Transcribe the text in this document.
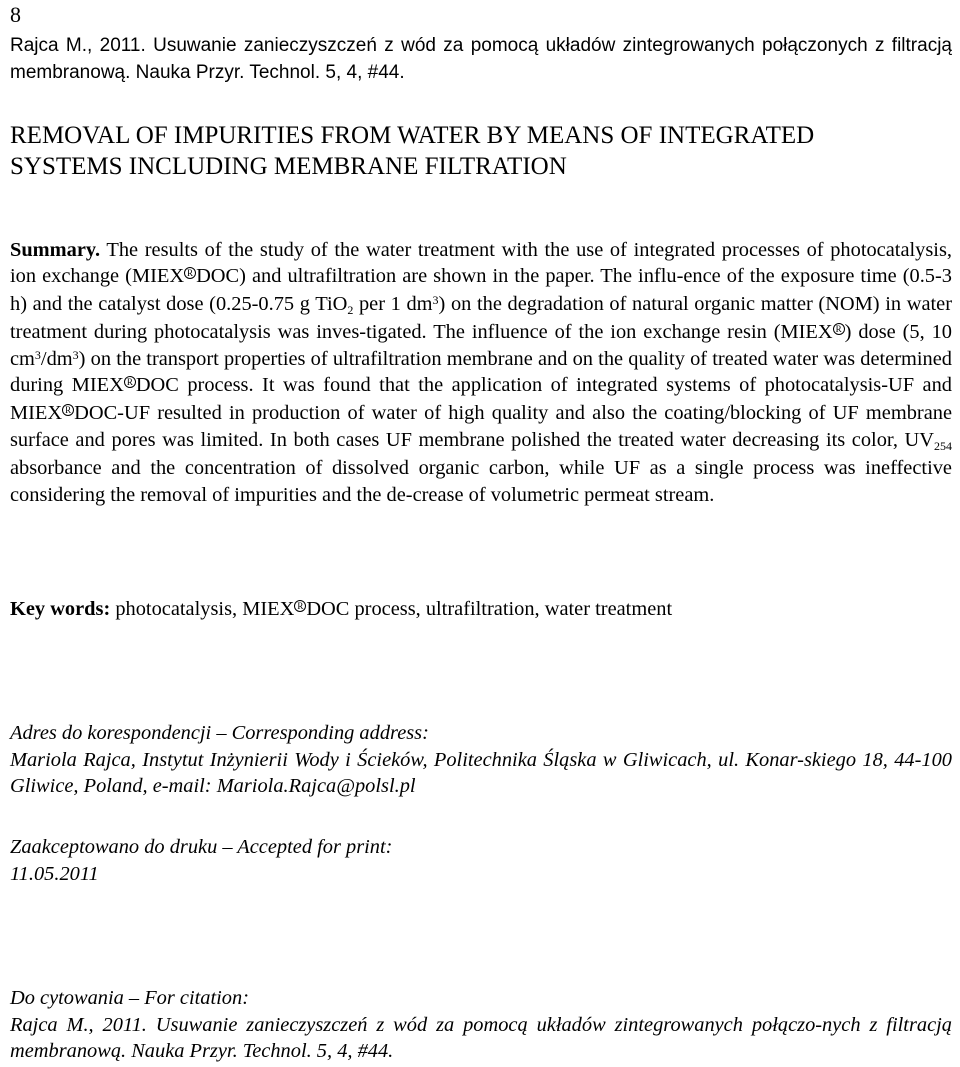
8
Rajca M., 2011. Usuwanie zanieczyszczeń z wód za pomocą układów zintegrowanych połączonych z filtracją
membranową. Nauka Przyr. Technol. 5, 4, #44.
REMOVAL OF IMPURITIES FROM WATER BY MEANS OF INTEGRATED
SYSTEMS INCLUDING MEMBRANE FILTRATION
Summary. The results of the study of the water treatment with the use of integrated processes of photocatalysis, ion exchange (MIEX $^R$ DOC) and ultrafiltration are shown in the paper. The influ-ence of the exposure time (0.5-3 h) and the catalyst dose (0.25-0.75 g TiO$_2$ per 1 $dm^3$) on the degradation of natural organic matter (NOM) in water treatment during photocatalysis was inves-tigated. The influence of the ion exchange resin (MIEX $^R$ ) dose (5, 10 $cm^3/dm^3$) on the transport properties of ultrafiltration membrane and on the quality of treated water was determined during MIEX $^R$ DOC process. It was found that the application of integrated systems of photocatalysis-UF and MIEX $^R$ DOC-UF resulted in production of water of high quality and also the coating/blocking of UF membrane surface and pores was limited. In both cases UF membrane polished the treated water decreasing its color, $UV_{254}$ absorbance and the concentration of dissolved organic carbon, while UF as a single process was ineffective considering the removal of impurities and the de-crease of volumetric permeat stream.
Key words: photocatalysis, MIEX $^R$ DOC process, ultrafiltration, water treatment
Adres do korespondencji – Corresponding address:
Mariola Rajca, Instytut Inżynierii Wody i Ścieków, Politechnika Śląska w Gliwicach, ul. Konar-skiego 18, 44-100 Gliwice, Poland, e-mail: Mariola.Rajca@polsl.pl
Zaakceptowano do druku – Accepted for print:
11.05.2011
Do cytowania – For citation:
Rajca M., 2011. Usuwanie zanieczyszczeń z wód za pomocą układów zintegrowanych połączo-nych z filtracją membranową. Nauka Przyr. Technol. 5, 4, #44.
